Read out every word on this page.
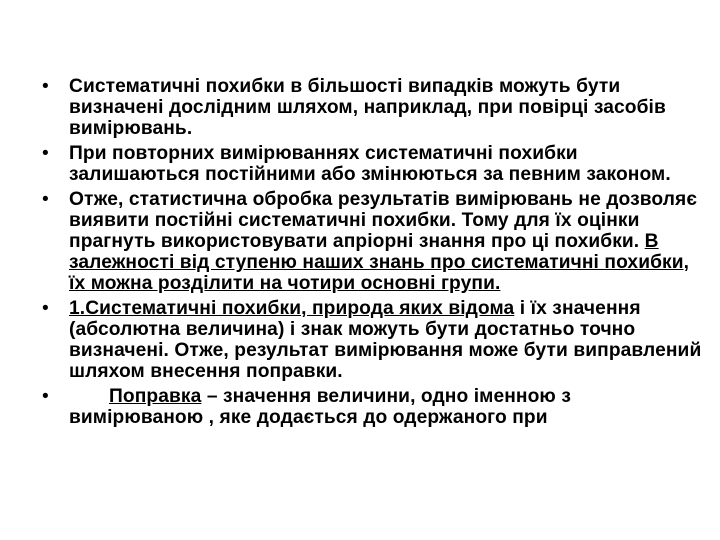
• Систематичні похибки в більшості випадків можуть бути визначені дослідним шляхом, наприклад, при повірці засобів вимірювань.
• При повторних вимірюваннях систематичні похибки залишаються постійними або змінюються за певним законом.
• Отже, статистична обробка результатів вимірювань не дозволяє виявити постійні систематичні похибки. Тому для їх оцінки прагнуть використовувати апріорні знання про ці похибки. В залежності від ступеню наших знань про систематичні похибки, їх можна розділити на чотири основні групи.
• 1.Систематичні похибки, природа яких відома і їх значення (абсолютна величина) і знак можуть бути достатньо точно визначені. Отже, результат вимірювання може бути виправлений шляхом внесення поправки.
•	Поправка – значення величини, одно іменною з вимірюваною , яке додається до одержаного при
